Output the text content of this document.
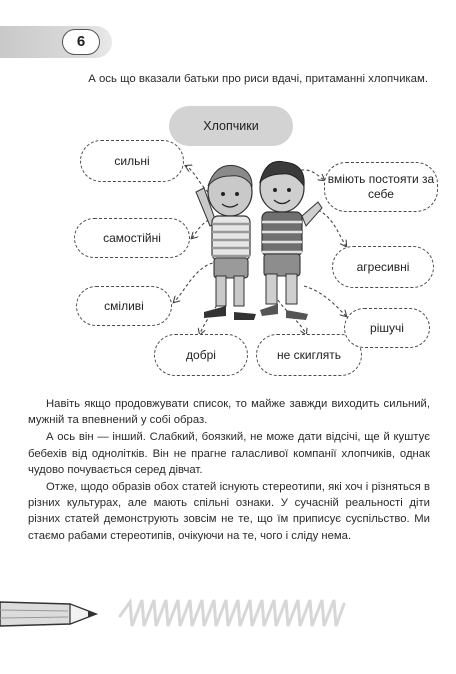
6
А ось що вказали батьки про риси вдачі, притаманні хлопчикам.
Хлопчики
сильні
самостійні
сміливі
добрі	не скиглять
вміють постояти за себе
агресивні
рішучі

Навіть якщо продовжувати список, то майже завжди виходить сильний, мужній та впевнений у собі образ.

А ось він — інший. Слабкий, боязкий, не може дати відсічі, ще й куштує бебехів від однолітків. Він не прагне галасливої компанії хлопчиків, однак чудово почувається серед дівчат.

Отже, щодо образів обох статей існують стереотипи, які хоч і різняться в різних культурах, але мають спільні ознаки. У сучасній реальності діти різних статей демонструють зовсім не те, що їм приписує суспільство. Ми стаємо рабами стереотипів, очікуючи на те, чого і сліду нема.
